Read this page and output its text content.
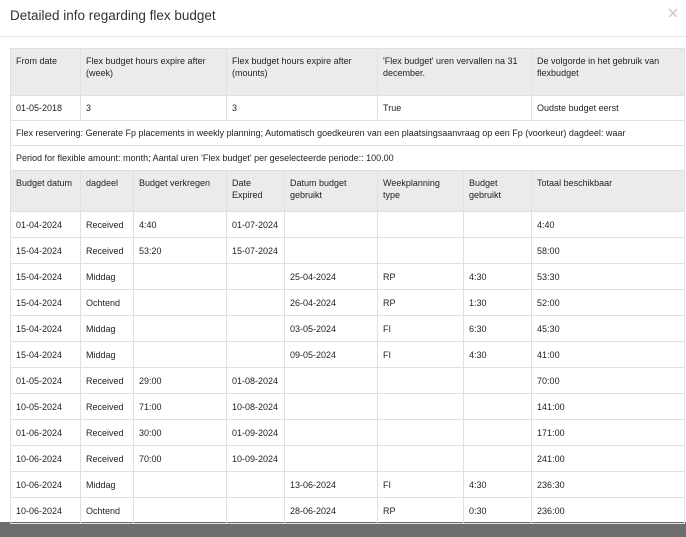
Detailed info regarding flex budget
From date	Flex budget hours expire after (week)		Flex budget hours expire after (mounts)		'Flex budget' uren vervallen na 31 december.		De volgorde in het gebruik van flexbudget
01-05-2018	3		3		True		Oudste budget eerst
Flex reservering: Generate Fp placements in weekly planning; Automatisch goedkeuren van een plaatsingsaanvraag op een Fp (voorkeur) dagdeel: waar							
Period for flexible amount: month; Aantal uren 'Flex budget' per geselecteerde periode:: 100.00							
Budget datum	dagdeel	Budget verkregen	Date Expired	Datum budget gebruikt	Weekplanning type	Budget gebruikt	Totaal beschikbaar
01-04-2024	Received	4:40	01-07-2024				4:40
15-04-2024	Received	53:20	15-07-2024				58:00
15-04-2024	Middag			25-04-2024	RP	4:30	53:30
15-04-2024	Ochtend			26-04-2024	RP	1:30	52:00
15-04-2024	Middag			03-05-2024	FI	6:30	45:30
15-04-2024	Middag			09-05-2024	FI	4:30	41:00
01-05-2024	Received	29:00	01-08-2024				70:00
10-05-2024	Received	71:00	10-08-2024				141:00
01-06-2024	Received	30:00	01-09-2024				171:00
10-06-2024	Received	70:00	10-09-2024				241:00
10-06-2024	Middag			13-06-2024	FI	4:30	236:30
10-06-2024	Ochtend			28-06-2024	RP	0:30	236:00
